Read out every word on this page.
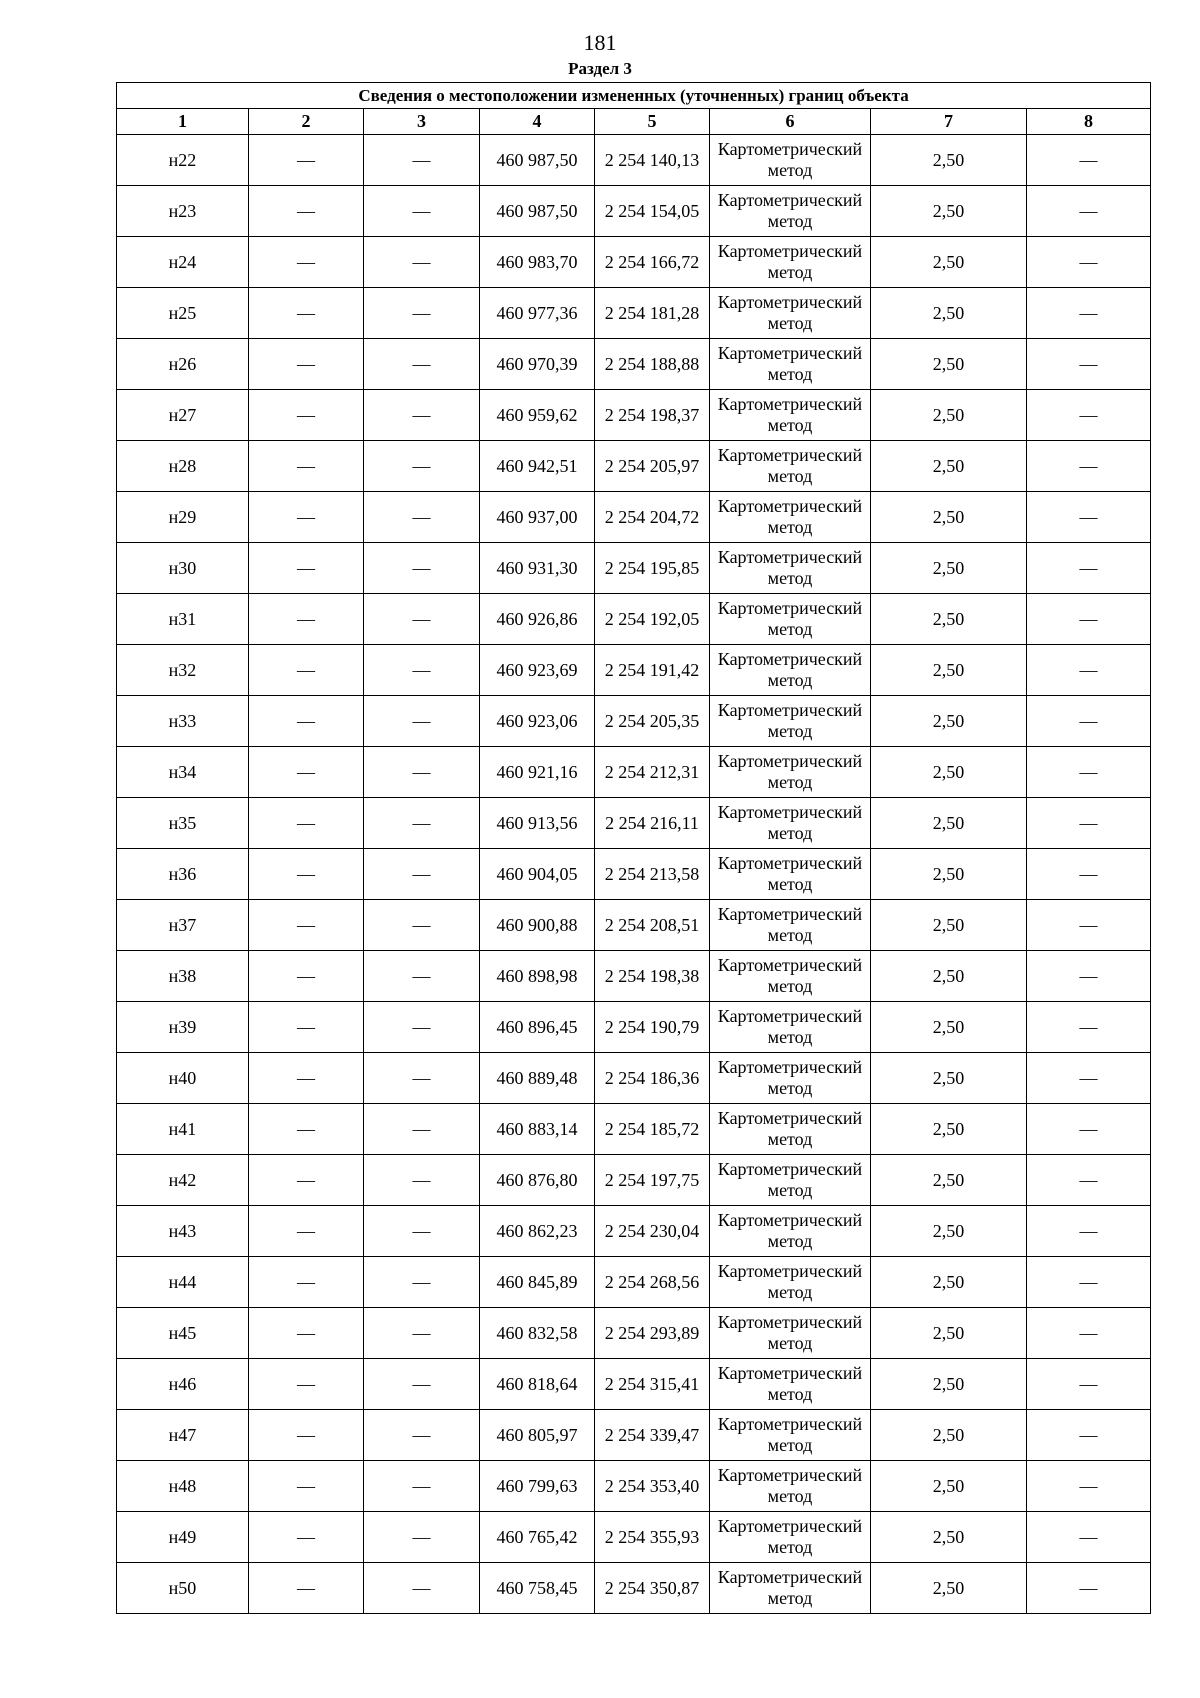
181
Раздел 3
Сведения о местоположении измененных (уточненных) границ объекта							
1	2	3	4	5	6	7	8
н22	—	—	460 987,50	2 254 140,13	Картометрический метод	2,50	—
н23	—	—	460 987,50	2 254 154,05	Картометрический метод	2,50	—
н24	—	—	460 983,70	2 254 166,72	Картометрический метод	2,50	—
н25	—	—	460 977,36	2 254 181,28	Картометрический метод	2,50	—
н26	—	—	460 970,39	2 254 188,88	Картометрический метод	2,50	—
н27	—	—	460 959,62	2 254 198,37	Картометрический метод	2,50	—
н28	—	—	460 942,51	2 254 205,97	Картометрический метод	2,50	—
н29	—	—	460 937,00	2 254 204,72	Картометрический метод	2,50	—
н30	—	—	460 931,30	2 254 195,85	Картометрический метод	2,50	—
н31	—	—	460 926,86	2 254 192,05	Картометрический метод	2,50	—
н32	—	—	460 923,69	2 254 191,42	Картометрический метод	2,50	—
н33	—	—	460 923,06	2 254 205,35	Картометрический метод	2,50	—
н34	—	—	460 921,16	2 254 212,31	Картометрический метод	2,50	—
н35	—	—	460 913,56	2 254 216,11	Картометрический метод	2,50	—
н36	—	—	460 904,05	2 254 213,58	Картометрический метод	2,50	—
н37	—	—	460 900,88	2 254 208,51	Картометрический метод	2,50	—
н38	—	—	460 898,98	2 254 198,38	Картометрический метод	2,50	—
н39	—	—	460 896,45	2 254 190,79	Картометрический метод	2,50	—
н40	—	—	460 889,48	2 254 186,36	Картометрический метод	2,50	—
н41	—	—	460 883,14	2 254 185,72	Картометрический метод	2,50	—
н42	—	—	460 876,80	2 254 197,75	Картометрический метод	2,50	—
н43	—	—	460 862,23	2 254 230,04	Картометрический метод	2,50	—
н44	—	—	460 845,89	2 254 268,56	Картометрический метод	2,50	—
н45	—	—	460 832,58	2 254 293,89	Картометрический метод	2,50	—
н46	—	—	460 818,64	2 254 315,41	Картометрический метод	2,50	—
н47	—	—	460 805,97	2 254 339,47	Картометрический метод	2,50	—
н48	—	—	460 799,63	2 254 353,40	Картометрический метод	2,50	—
н49	—	—	460 765,42	2 254 355,93	Картометрический метод	2,50	—
н50	—	—	460 758,45	2 254 350,87	Картометрический метод	2,50	—
